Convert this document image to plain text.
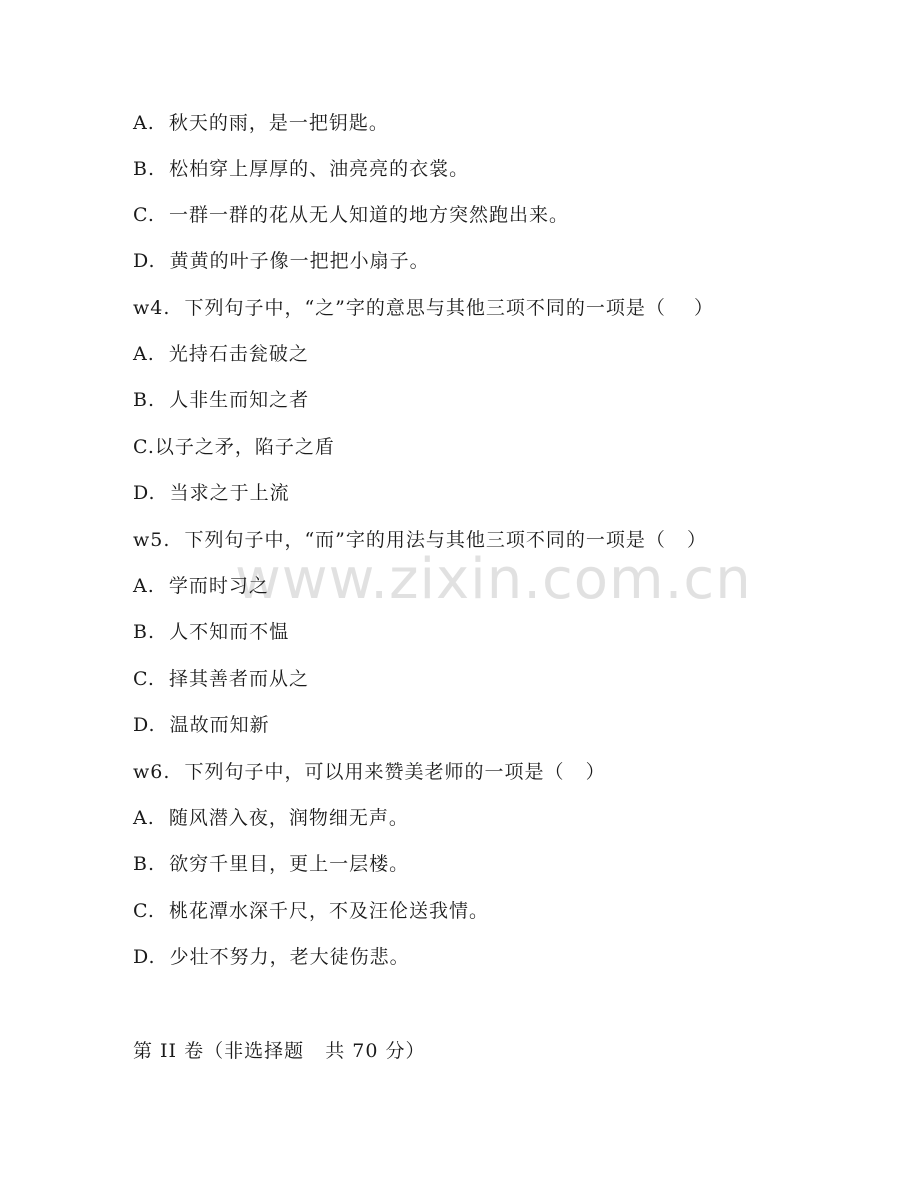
www.zixin.com.cn
A.  秋天的雨，是一把钥匙。
B.  松柏穿上厚厚的、油亮亮的衣裳。
C.  一群一群的花从无人知道的地方突然跑出来。
D.  黄黄的叶子像一把把小扇子。
w4.  下列句子中，“之”字的意思与其他三项不同的一项是（    ）
A.  光持石击瓮破之
B.  人非生而知之者
C.以子之矛，陷子之盾
D.  当求之于上流
w5.  下列句子中，“而”字的用法与其他三项不同的一项是（   ）
A.  学而时习之
B.  人不知而不愠
C.  择其善者而从之
D.  温故而知新
w6.  下列句子中，可以用来赞美老师的一项是（   ）
A.  随风潜入夜，润物细无声。
B.  欲穷千里目，更上一层楼。
C.  桃花潭水深千尺，不及汪伦送我情。
D.  少壮不努力，老大徒伤悲。
第 II 卷（非选择题   共 70 分）
